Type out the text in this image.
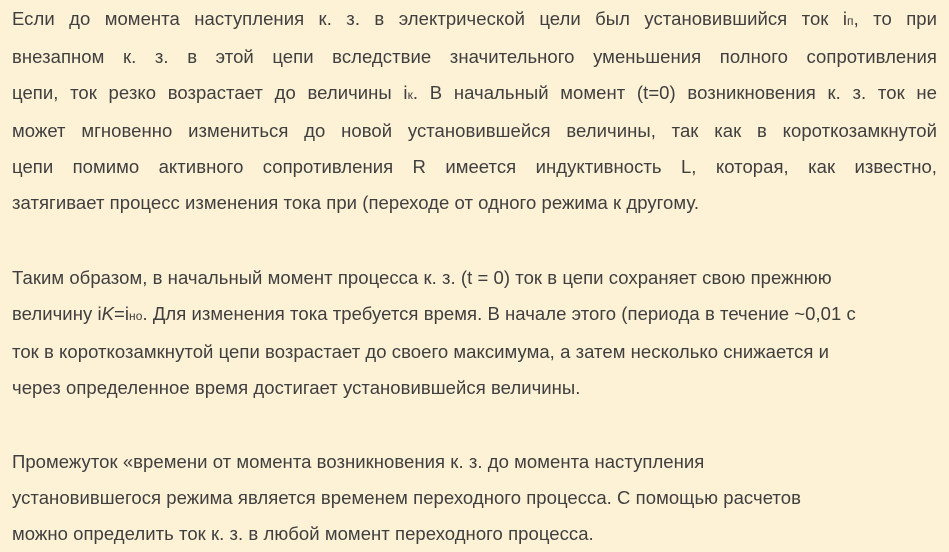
Если до момента наступления к. з. в электрической цели был установившийся ток iп, то при
внезапном к. з. в этой цепи вследствие значительного уменьшения полного сопротивления
цепи, ток резко возрастает до величины iк. В начальный момент (t=0) возникновения к. з. ток не
может мгновенно измениться до новой установившейся величины, так как в короткозамкнутой
цепи помимо активного сопротивления R имеется индуктивность L, которая, как известно,
затягивает процесс изменения тока при (переходе от одного режима к другому.

Таким образом, в начальный момент процесса к. з. (t = 0) ток в цепи сохраняет свою прежнюю
величину iK=iно. Для изменения тока требуется время. В начале этого (периода в течение ~0,01 с
ток в короткозамкнутой цепи возрастает до своего максимума, а затем несколько снижается и
через определенное время достигает установившейся величины.

Промежуток «времени от момента возникновения к. з. до момента наступления
установившегося режима является временем переходного процесса. С помощью расчетов
можно определить ток к. з. в любой момент переходного процесса.
